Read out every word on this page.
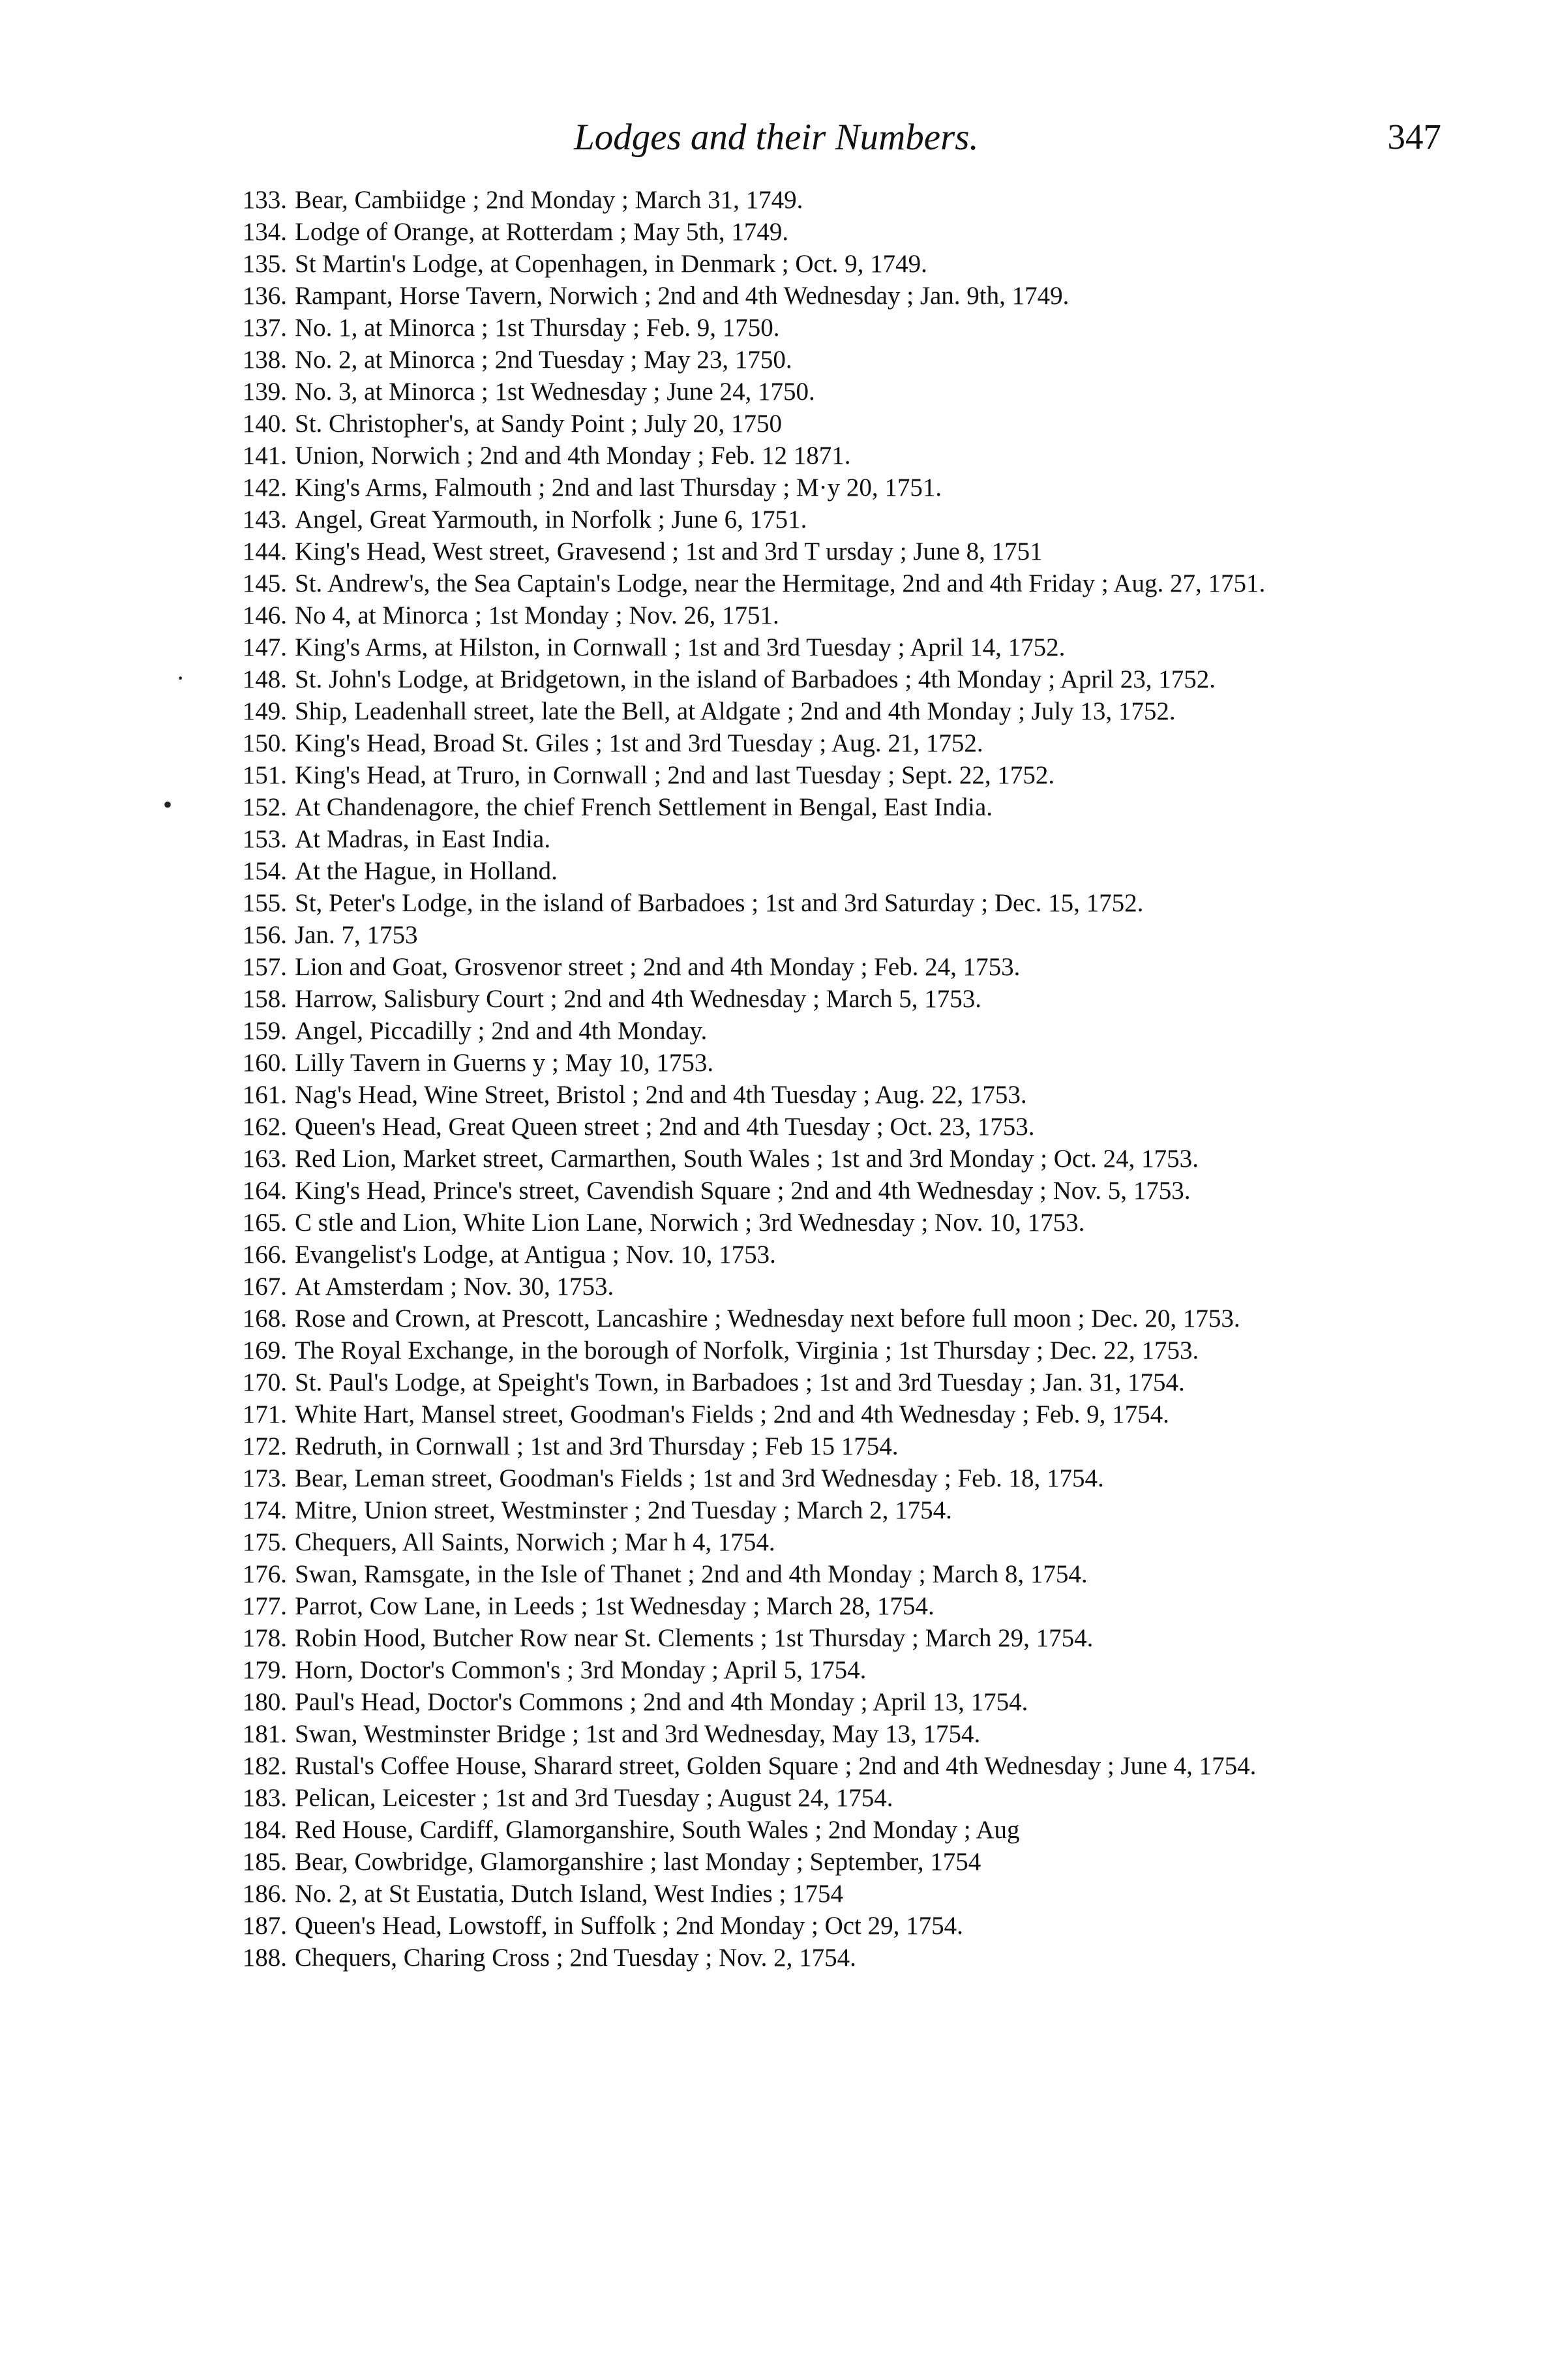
Lodges and their Numbers.	347
·
•
133. Bear, Cambiidge ; 2nd Monday ; March 31, 1749.
134. Lodge of Orange, at Rotterdam ; May 5th, 1749.
135. St Martin's Lodge, at Copenhagen, in Denmark ; Oct. 9, 1749.
136. Rampant, Horse Tavern, Norwich ; 2nd and 4th Wednesday ; Jan. 9th, 1749.
137. No. 1, at Minorca ; 1st Thursday ; Feb. 9, 1750.
138. No. 2, at Minorca ; 2nd Tuesday ; May 23, 1750.
139. No. 3, at Minorca ; 1st Wednesday ; June 24, 1750.
140. St. Christopher's, at Sandy Point ; July 20, 1750
141. Union, Norwich ; 2nd and 4th Monday ; Feb. 12 1871.
142. King's Arms, Falmouth ; 2nd and last Thursday ; M·y 20, 1751.
143. Angel, Great Yarmouth, in Norfolk ; June 6, 1751.
144. King's Head, West street, Gravesend ; 1st and 3rd T ursday ; June 8, 1751
145. St. Andrew's, the Sea Captain's Lodge, near the Hermitage, 2nd and 4th Friday ; Aug. 27, 1751.
146. No 4, at Minorca ; 1st Monday ; Nov. 26, 1751.
147. King's Arms, at Hilston, in Cornwall ; 1st and 3rd Tuesday ; April 14, 1752.
148. St. John's Lodge, at Bridgetown, in the island of Barbadoes ; 4th Monday ; April 23, 1752.
149. Ship, Leadenhall street, late the Bell, at Aldgate ; 2nd and 4th Monday ; July 13, 1752.
150. King's Head, Broad St. Giles ; 1st and 3rd Tuesday ; Aug. 21, 1752.
151. King's Head, at Truro, in Cornwall ; 2nd and last Tuesday ; Sept. 22, 1752.
152. At Chandenagore, the chief French Settlement in Bengal, East India.
153. At Madras, in East India.
154. At the Hague, in Holland.
155. St, Peter's Lodge, in the island of Barbadoes ; 1st and 3rd Saturday ; Dec. 15, 1752.
156. Jan. 7, 1753
157. Lion and Goat, Grosvenor street ; 2nd and 4th Monday ; Feb. 24, 1753.
158. Harrow, Salisbury Court ; 2nd and 4th Wednesday ; March 5, 1753.
159. Angel, Piccadilly ; 2nd and 4th Monday.
160. Lilly Tavern in Guerns y ; May 10, 1753.
161. Nag's Head, Wine Street, Bristol ; 2nd and 4th Tuesday ; Aug. 22, 1753.
162. Queen's Head, Great Queen street ; 2nd and 4th Tuesday ; Oct. 23, 1753.
163. Red Lion, Market street, Carmarthen, South Wales ; 1st and 3rd Monday ; Oct. 24, 1753.
164. King's Head, Prince's street, Cavendish Square ; 2nd and 4th Wednesday ; Nov. 5, 1753.
165. C stle and Lion, White Lion Lane, Norwich ; 3rd Wednesday ; Nov. 10, 1753.
166. Evangelist's Lodge, at Antigua ; Nov. 10, 1753.
167. At Amsterdam ; Nov. 30, 1753.
168. Rose and Crown, at Prescott, Lancashire ; Wednesday next before full moon ; Dec. 20, 1753.
169. The Royal Exchange, in the borough of Norfolk, Virginia ; 1st Thursday ; Dec. 22, 1753.
170. St. Paul's Lodge, at Speight's Town, in Barbadoes ; 1st and 3rd Tuesday ; Jan. 31, 1754.
171. White Hart, Mansel street, Goodman's Fields ; 2nd and 4th Wednesday ; Feb. 9, 1754.
172. Redruth, in Cornwall ; 1st and 3rd Thursday ; Feb 15 1754.
173. Bear, Leman street, Goodman's Fields ; 1st and 3rd Wednesday ; Feb. 18, 1754.
174. Mitre, Union street, Westminster ; 2nd Tuesday ; March 2, 1754.
175. Chequers, All Saints, Norwich ; Mar h 4, 1754.
176. Swan, Ramsgate, in the Isle of Thanet ; 2nd and 4th Monday ; March 8, 1754.
177. Parrot, Cow Lane, in Leeds ; 1st Wednesday ; March 28, 1754.
178. Robin Hood, Butcher Row near St. Clements ; 1st Thursday ; March 29, 1754.
179. Horn, Doctor's Common's ; 3rd Monday ; April 5, 1754.
180. Paul's Head, Doctor's Commons ; 2nd and 4th Monday ; April 13, 1754.
181. Swan, Westminster Bridge ; 1st and 3rd Wednesday, May 13, 1754.
182. Rustal's Coffee House, Sharard street, Golden Square ; 2nd and 4th Wednesday ; June 4, 1754.
183. Pelican, Leicester ; 1st and 3rd Tuesday ; August 24, 1754.
184. Red House, Cardiff, Glamorganshire, South Wales ; 2nd Monday ; Aug
185. Bear, Cowbridge, Glamorganshire ; last Monday ; September, 1754
186. No. 2, at St Eustatia, Dutch Island, West Indies ; 1754
187. Queen's Head, Lowstoff, in Suffolk ; 2nd Monday ; Oct 29, 1754.
188. Chequers, Charing Cross ; 2nd Tuesday ; Nov. 2, 1754.
